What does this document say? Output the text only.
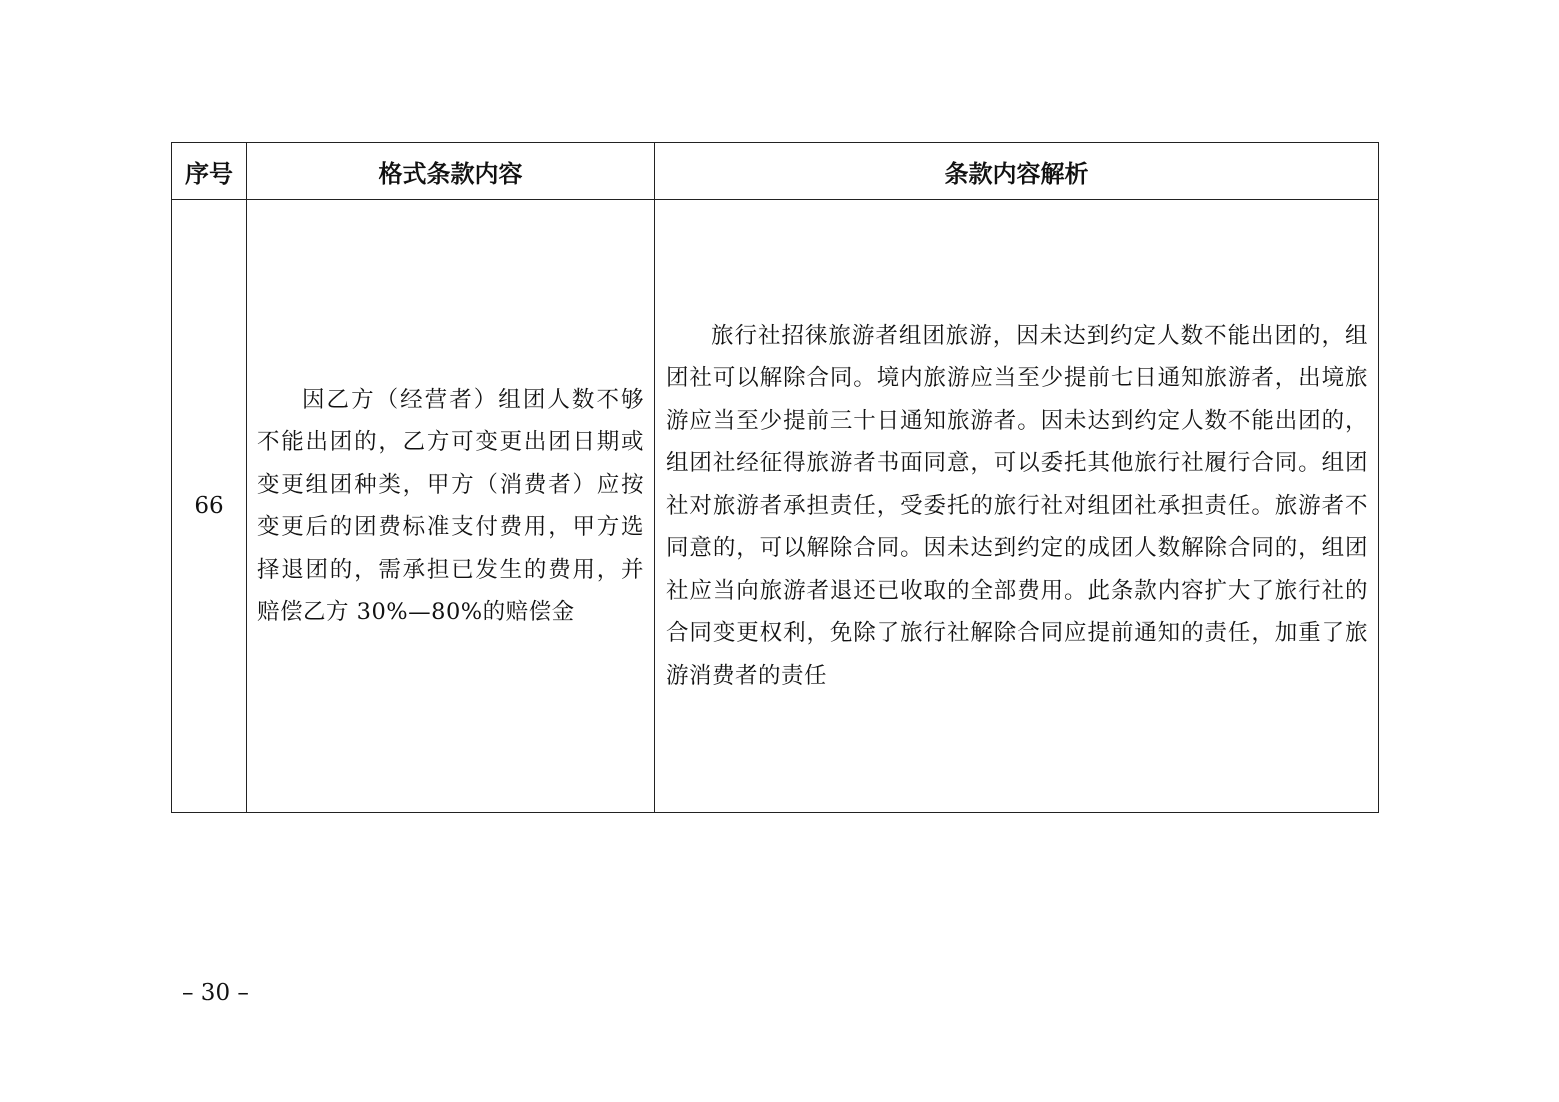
序号	格式条款内容	条款内容解析
66	因乙方（经营者）组团人数不够不能出团的，乙方可变更出团日期或变更组团种类，甲方（消费者）应按变更后的团费标准支付费用，甲方选择退团的，需承担已发生的费用，并赔偿乙方 30%—80%的赔偿金	旅行社招徕旅游者组团旅游，因未达到约定人数不能出团的，组团社可以解除合同。境内旅游应当至少提前七日通知旅游者，出境旅游应当至少提前三十日通知旅游者。因未达到约定人数不能出团的，组团社经征得旅游者书面同意，可以委托其他旅行社履行合同。组团社对旅游者承担责任，受委托的旅行社对组团社承担责任。旅游者不同意的，可以解除合同。因未达到约定的成团人数解除合同的，组团社应当向旅游者退还已收取的全部费用。此条款内容扩大了旅行社的合同变更权利，免除了旅行社解除合同应提前通知的责任，加重了旅游消费者的责任
– 30 –
